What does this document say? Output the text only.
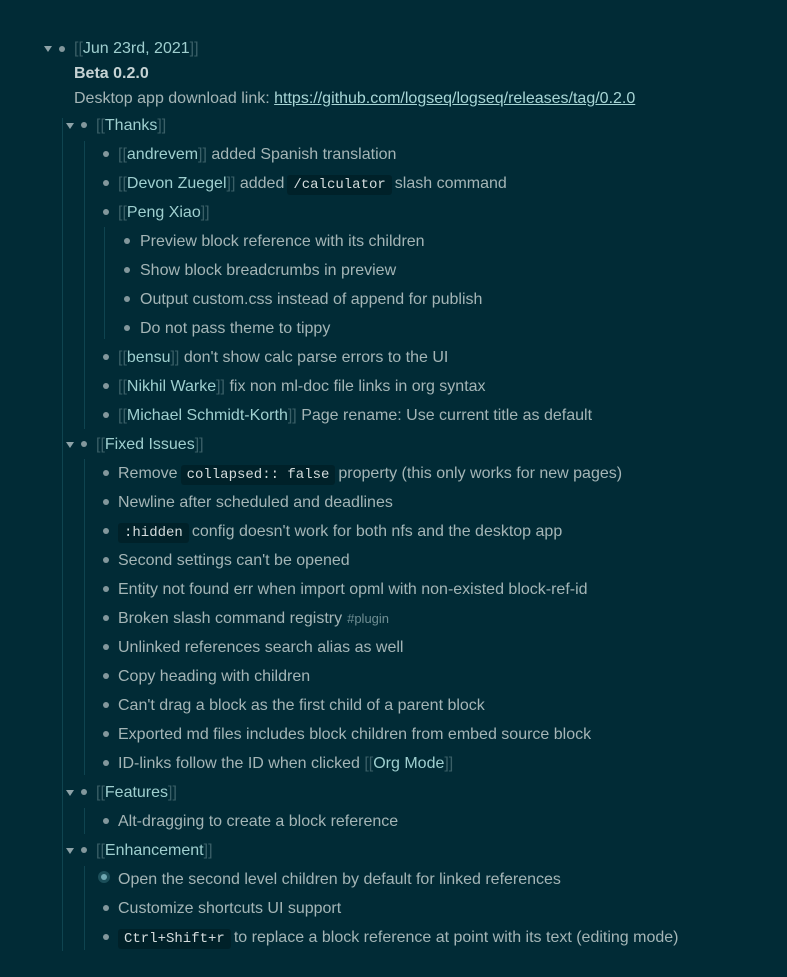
[[Jun 23rd, 2021]]
Beta 0.2.0
Desktop app download link: https://github.com/logseq/logseq/releases/tag/0.2.0
[[Thanks]]
[[andrevem]] added Spanish translation
[[Devon Zuegel]] added /calculator slash command
[[Peng Xiao]]
Preview block reference with its children
Show block breadcrumbs in preview
Output custom.css instead of append for publish
Do not pass theme to tippy
[[bensu]] don't show calc parse errors to the UI
[[Nikhil Warke]] fix non ml-doc file links in org syntax
[[Michael Schmidt-Korth]] Page rename: Use current title as default
[[Fixed Issues]]
Remove collapsed:: false property (this only works for new pages)
Newline after scheduled and deadlines
:hidden config doesn't work for both nfs and the desktop app
Second settings can't be opened
Entity not found err when import opml with non-existed block-ref-id
Broken slash command registry #plugin
Unlinked references search alias as well
Copy heading with children
Can't drag a block as the first child of a parent block
Exported md files includes block children from embed source block
ID-links follow the ID when clicked [[Org Mode]]
[[Features]]
Alt-dragging to create a block reference
[[Enhancement]]
Open the second level children by default for linked references
Customize shortcuts UI support
Ctrl+Shift+r to replace a block reference at point with its text (editing mode)
